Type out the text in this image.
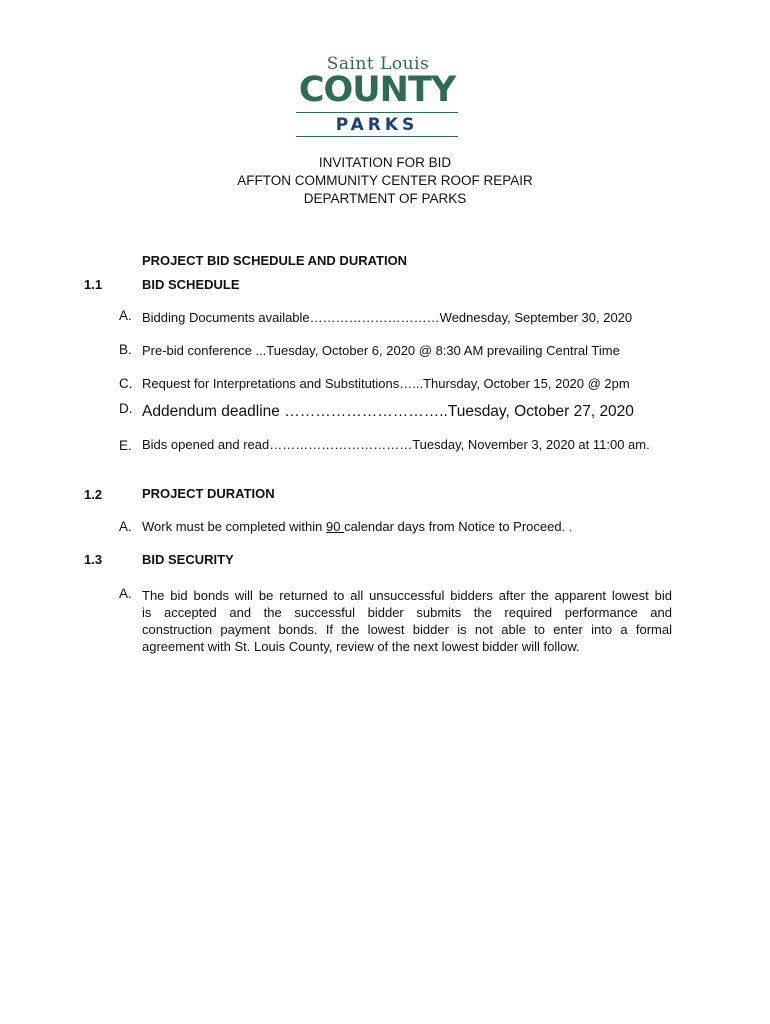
Saint Louis
COUNTY
PARKS
INVITATION FOR BID
AFFTON COMMUNITY CENTER ROOF REPAIR
DEPARTMENT OF PARKS
PROJECT BID SCHEDULE AND DURATION
1.1	BID SCHEDULE
A. Bidding Documents available…………………………Wednesday, September 30, 2020
B. Pre-bid conference ...Tuesday, October 6, 2020 @ 8:30 AM prevailing Central Time
C. Request for Interpretations and Substitutions…...Thursday, October 15, 2020 @ 2pm
D. Addendum deadline …………………………..Tuesday, October 27, 2020
E. Bids opened and read……………………………Tuesday, November 3, 2020 at 11:00 am.
1.2	PROJECT DURATION
A. Work must be completed within 90 calendar days from Notice to Proceed. .
1.3	BID SECURITY
A. The bid bonds will be returned to all unsuccessful bidders after the apparent lowest bid
is accepted and the successful bidder submits the required performance and
construction payment bonds. If the lowest bidder is not able to enter into a formal
agreement with St. Louis County, review of the next lowest bidder will follow.
